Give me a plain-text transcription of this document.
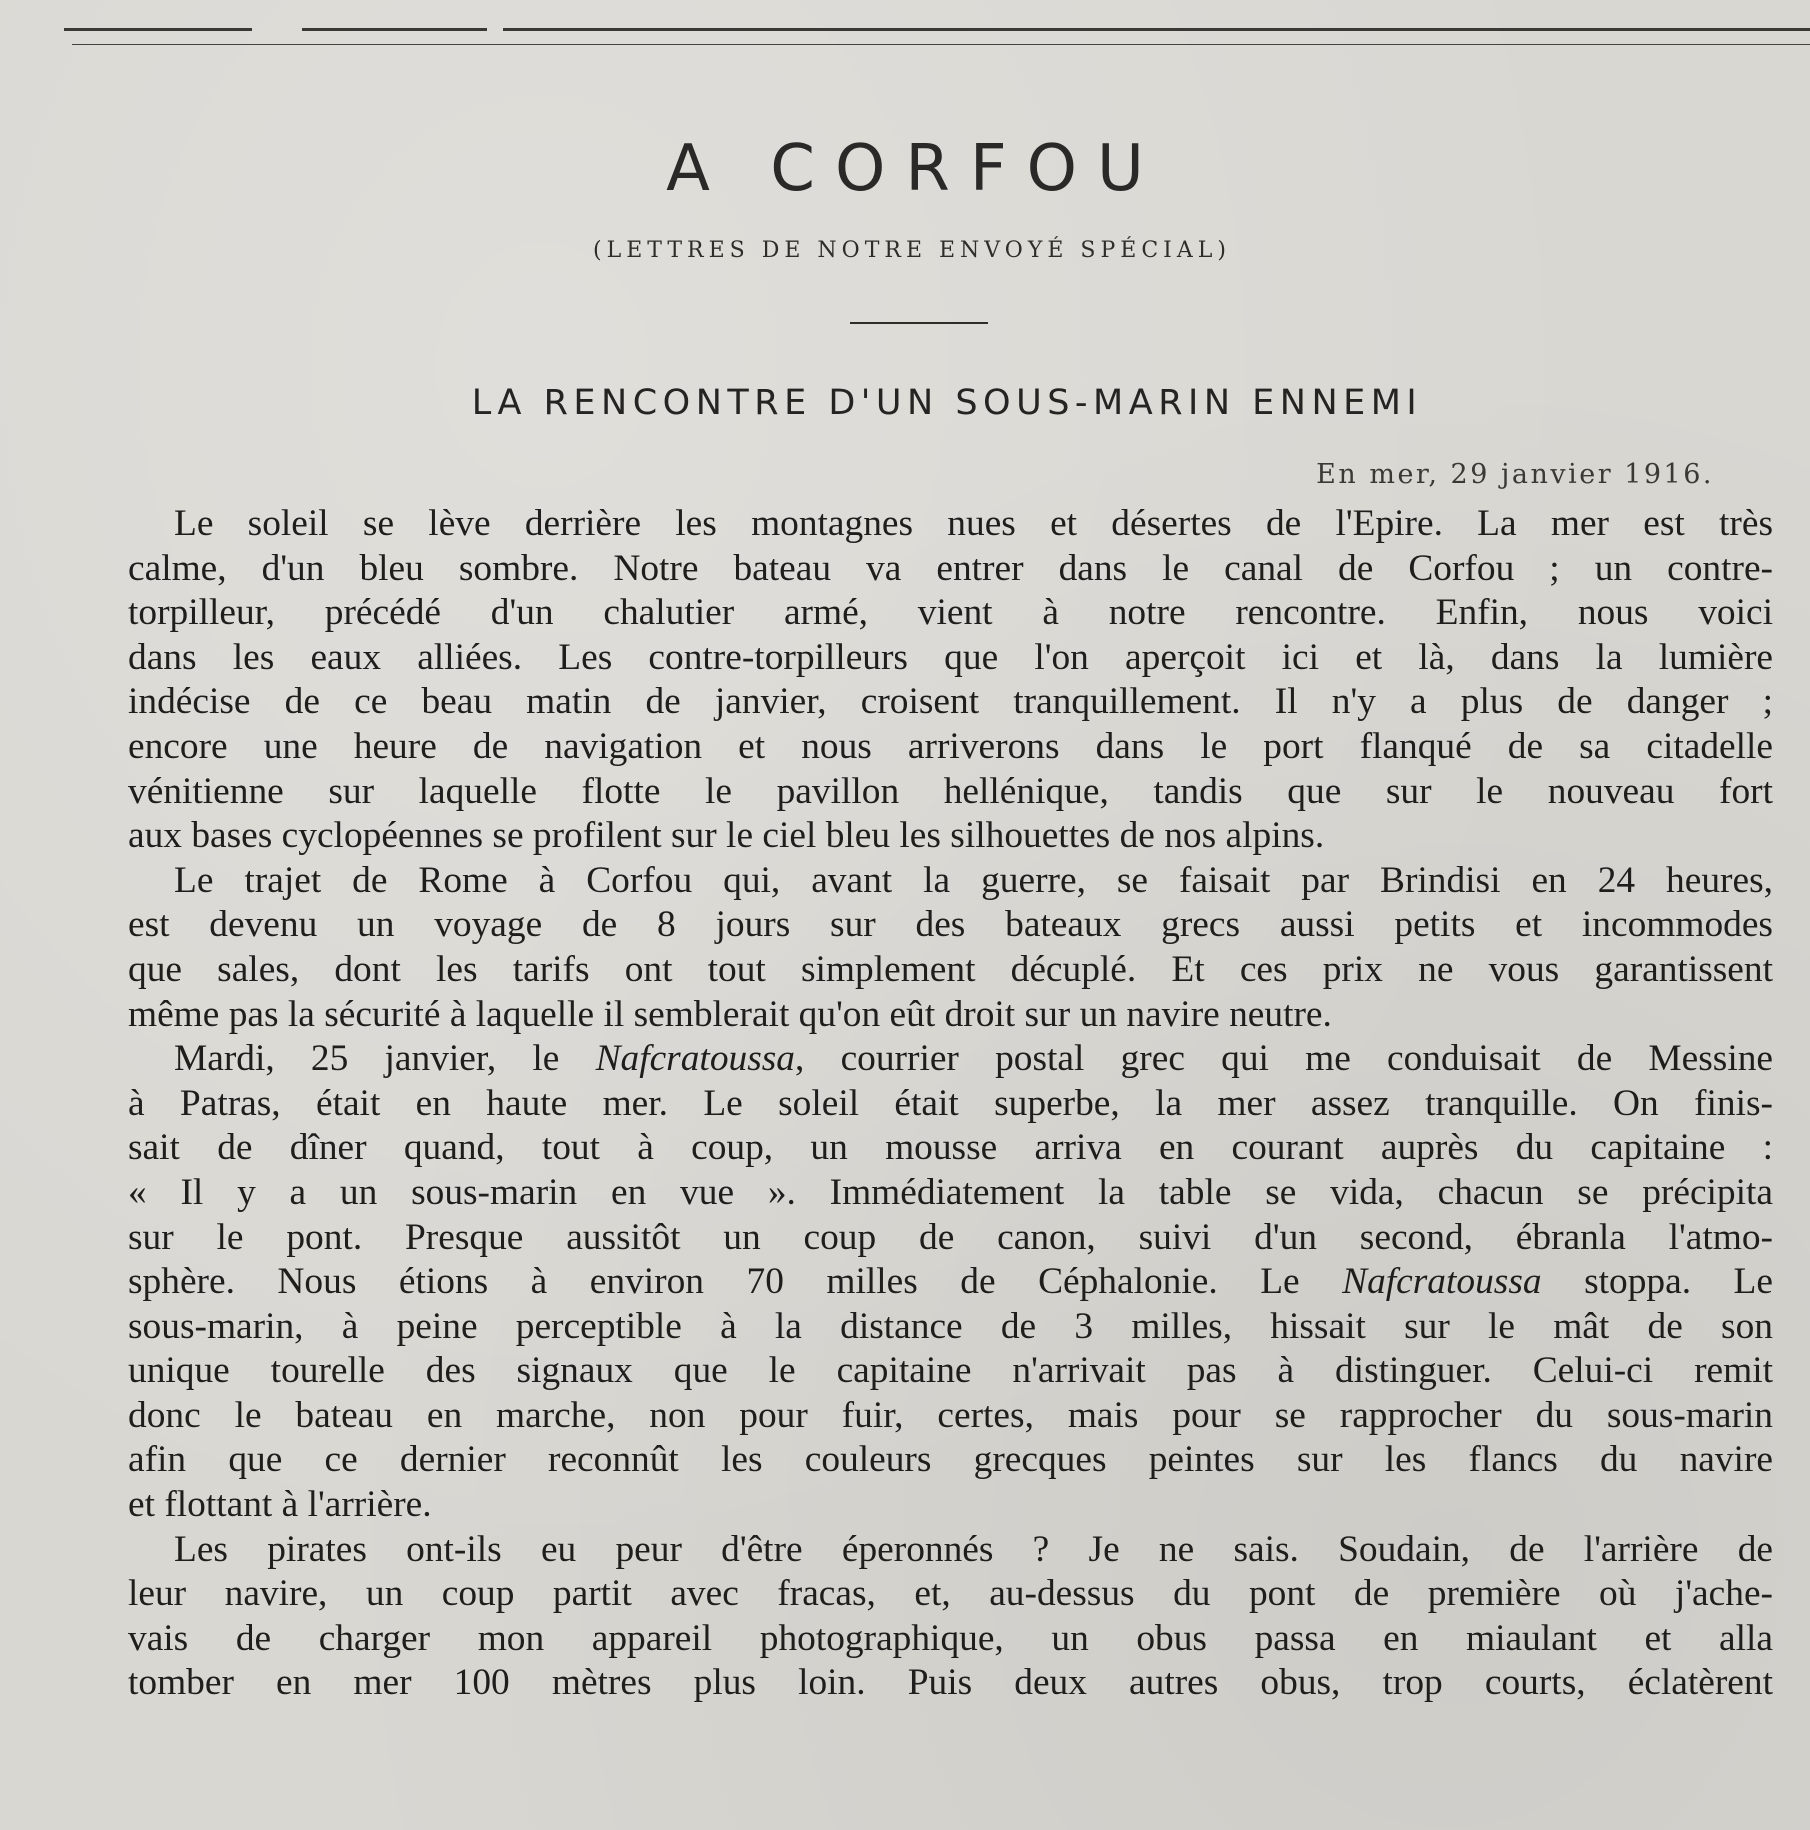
A CORFOU
(LETTRES DE NOTRE ENVOYÉ SPÉCIAL)
LA RENCONTRE D'UN SOUS-MARIN ENNEMI
En mer, 29 janvier 1916.

Le soleil se lève derrière les montagnes nues et désertes de l'Epire. La mer est très
calme, d'un bleu sombre. Notre bateau va entrer dans le canal de Corfou ; un contre-
torpilleur, précédé d'un chalutier armé, vient à notre rencontre. Enfin, nous voici
dans les eaux alliées. Les contre-torpilleurs que l'on aperçoit ici et là, dans la lumière
indécise de ce beau matin de janvier, croisent tranquillement. Il n'y a plus de danger ;
encore une heure de navigation et nous arriverons dans le port flanqué de sa citadelle
vénitienne sur laquelle flotte le pavillon hellénique, tandis que sur le nouveau fort
aux bases cyclopéennes se profilent sur le ciel bleu les silhouettes de nos alpins.

Le trajet de Rome à Corfou qui, avant la guerre, se faisait par Brindisi en 24 heures,
est devenu un voyage de 8 jours sur des bateaux grecs aussi petits et incommodes
que sales, dont les tarifs ont tout simplement décuplé. Et ces prix ne vous garantissent
même pas la sécurité à laquelle il semblerait qu'on eût droit sur un navire neutre.

Mardi, 25 janvier, le Nafcratoussa, courrier postal grec qui me conduisait de Messine
à Patras, était en haute mer. Le soleil était superbe, la mer assez tranquille. On finis-
sait de dîner quand, tout à coup, un mousse arriva en courant auprès du capitaine :
« Il y a un sous-marin en vue ». Immédiatement la table se vida, chacun se précipita
sur le pont. Presque aussitôt un coup de canon, suivi d'un second, ébranla l'atmo-
sphère. Nous étions à environ 70 milles de Céphalonie. Le Nafcratoussa stoppa. Le
sous-marin, à peine perceptible à la distance de 3 milles, hissait sur le mât de son
unique tourelle des signaux que le capitaine n'arrivait pas à distinguer. Celui-ci remit
donc le bateau en marche, non pour fuir, certes, mais pour se rapprocher du sous-marin
afin que ce dernier reconnût les couleurs grecques peintes sur les flancs du navire
et flottant à l'arrière.

Les pirates ont-ils eu peur d'être éperonnés ? Je ne sais. Soudain, de l'arrière de
leur navire, un coup partit avec fracas, et, au-dessus du pont de première où j'ache-
vais de charger mon appareil photographique, un obus passa en miaulant et alla
tomber en mer 100 mètres plus loin. Puis deux autres obus, trop courts, éclatèrent
